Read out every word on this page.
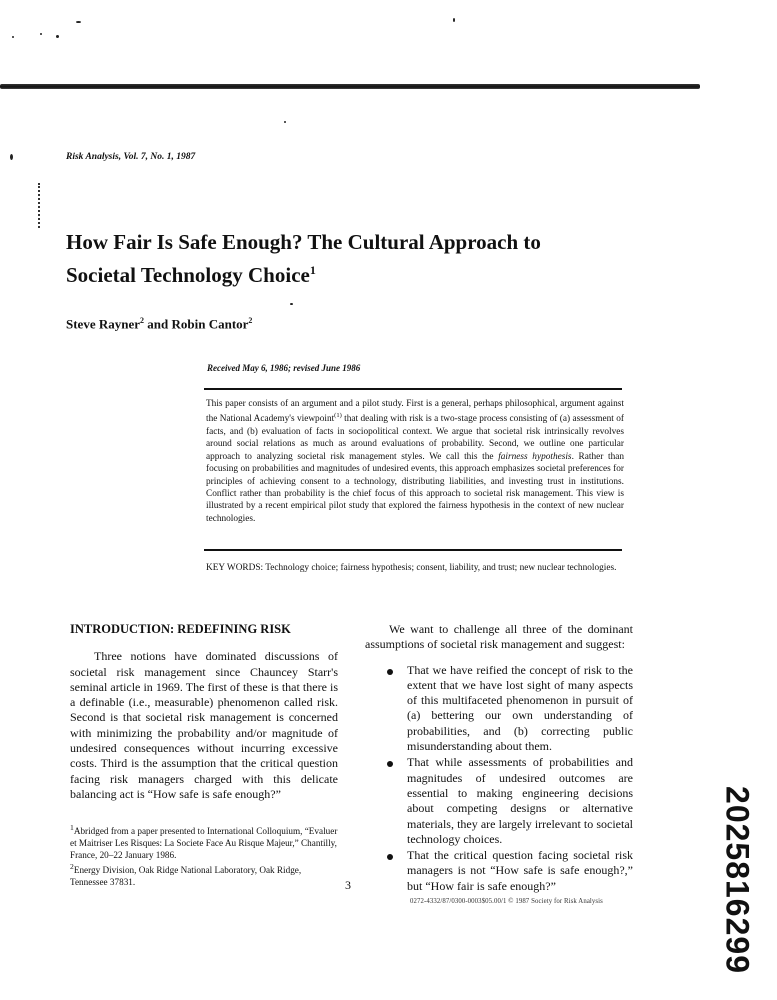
Risk Analysis, Vol. 7, No. 1, 1987
How Fair Is Safe Enough? The Cultural Approach to
Societal Technology Choice$^1$
Steve Rayner$^2$ and Robin Cantor$^2$
Received May 6, 1986; revised June 1986
This paper consists of an argument and a pilot study. First is a general, perhaps philosophical, argument against the National Academy's viewpoint$^{(1)}$ that dealing with risk is a two-stage process consisting of (a) assessment of facts, and (b) evaluation of facts in sociopolitical context. We argue that societal risk intrinsically revolves around social relations as much as around evaluations of probability. Second, we outline one particular approach to analyzing societal risk management styles. We call this the fairness hypothesis. Rather than focusing on probabilities and magnitudes of undesired events, this approach emphasizes societal preferences for principles of achieving consent to a technology, distributing liabilities, and investing trust in institutions. Conflict rather than probability is the chief focus of this approach to societal risk management. This view is illustrated by a recent empirical pilot study that explored the fairness hypothesis in the context of new nuclear technologies.
KEY WORDS: Technology choice; fairness hypothesis; consent, liability, and trust; new nuclear technologies.
INTRODUCTION: REDEFINING RISK

Three notions have dominated discussions of societal risk management since Chauncey Starr's seminal article in 1969. The first of these is that there is a definable (i.e., measurable) phenomenon called risk. Second is that societal risk management is concerned with minimizing the probability and/or magnitude of undesired consequences without incurring excessive costs. Third is the assumption that the critical question facing risk managers charged with this delicate balancing act is “How safe is safe enough?”

$^1$Abridged from a paper presented to International Colloquium, “Evaluer et Maitriser Les Risques: La Societe Face Au Risque Majeur,” Chantilly, France, 20–22 January 1986.

$^2$Energy Division, Oak Ridge National Laboratory, Oak Ridge, Tennessee 37831.

We want to challenge all three of the dominant assumptions of societal risk management and suggest:

That we have reified the concept of risk to the extent that we have lost sight of many aspects of this multifaceted phenomenon in pursuit of (a) bettering our own understanding of probabilities, and (b) correcting public misunderstanding about them.
That while assessments of probabilities and magnitudes of undesired outcomes are essential to making engineering decisions about competing designs or alternative materials, they are largely irrelevant to societal technology choices.
That the critical question facing societal risk managers is not “How safe is safe enough?,” but “How fair is safe enough?”
3
0272-4332/87/0300-0003$05.00/1 © 1987 Society for Risk Analysis	2025816299
